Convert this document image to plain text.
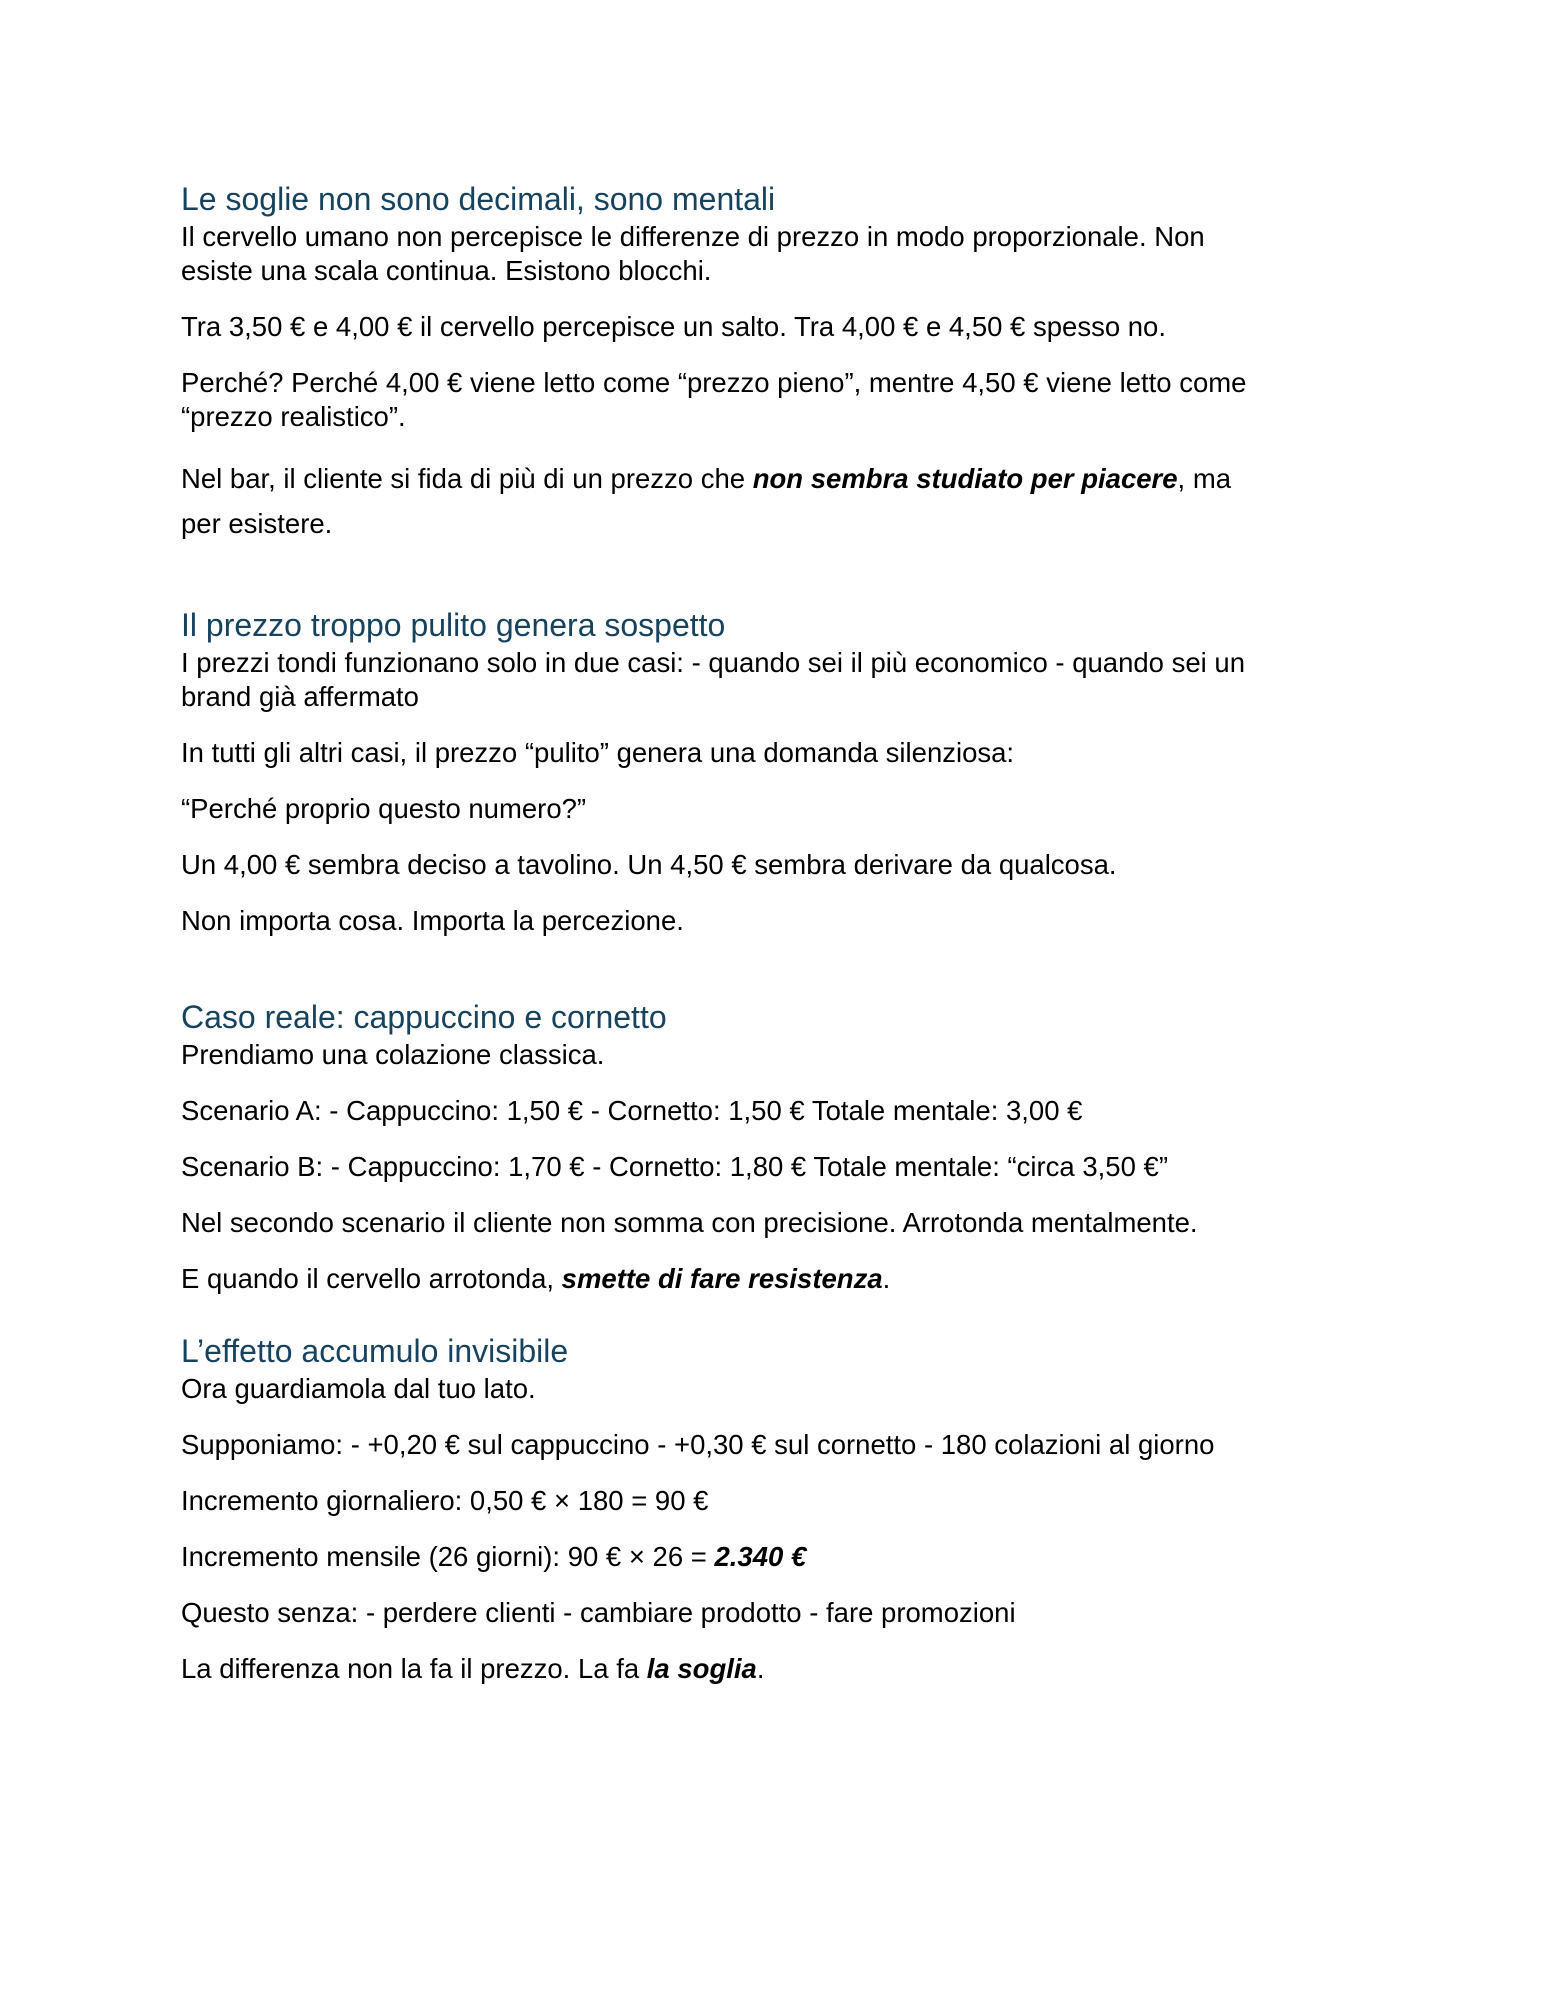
Le soglie non sono decimali, sono mentali

Il cervello umano non percepisce le differenze di prezzo in modo proporzionale. Non
esiste una scala continua. Esistono blocchi.

Tra 3,50 € e 4,00 € il cervello percepisce un salto. Tra 4,00 € e 4,50 € spesso no.

Perché? Perché 4,00 € viene letto come “prezzo pieno”, mentre 4,50 € viene letto come
“prezzo realistico”.

Nel bar, il cliente si fida di più di un prezzo che non sembra studiato per piacere, ma
per esistere.

Il prezzo troppo pulito genera sospetto

I prezzi tondi funzionano solo in due casi: - quando sei il più economico - quando sei un
brand già affermato

In tutti gli altri casi, il prezzo “pulito” genera una domanda silenziosa:

“Perché proprio questo numero?”

Un 4,00 € sembra deciso a tavolino. Un 4,50 € sembra derivare da qualcosa.

Non importa cosa. Importa la percezione.

Caso reale: cappuccino e cornetto

Prendiamo una colazione classica.

Scenario A: - Cappuccino: 1,50 € - Cornetto: 1,50 € Totale mentale: 3,00 €

Scenario B: - Cappuccino: 1,70 € - Cornetto: 1,80 € Totale mentale: “circa 3,50 €”

Nel secondo scenario il cliente non somma con precisione. Arrotonda mentalmente.

E quando il cervello arrotonda, smette di fare resistenza.

L’effetto accumulo invisibile

Ora guardiamola dal tuo lato.

Supponiamo: - +0,20 € sul cappuccino - +0,30 € sul cornetto - 180 colazioni al giorno

Incremento giornaliero: 0,50 € × 180 = 90 €

Incremento mensile (26 giorni): 90 € × 26 = 2.340 €

Questo senza: - perdere clienti - cambiare prodotto - fare promozioni

La differenza non la fa il prezzo. La fa la soglia.
